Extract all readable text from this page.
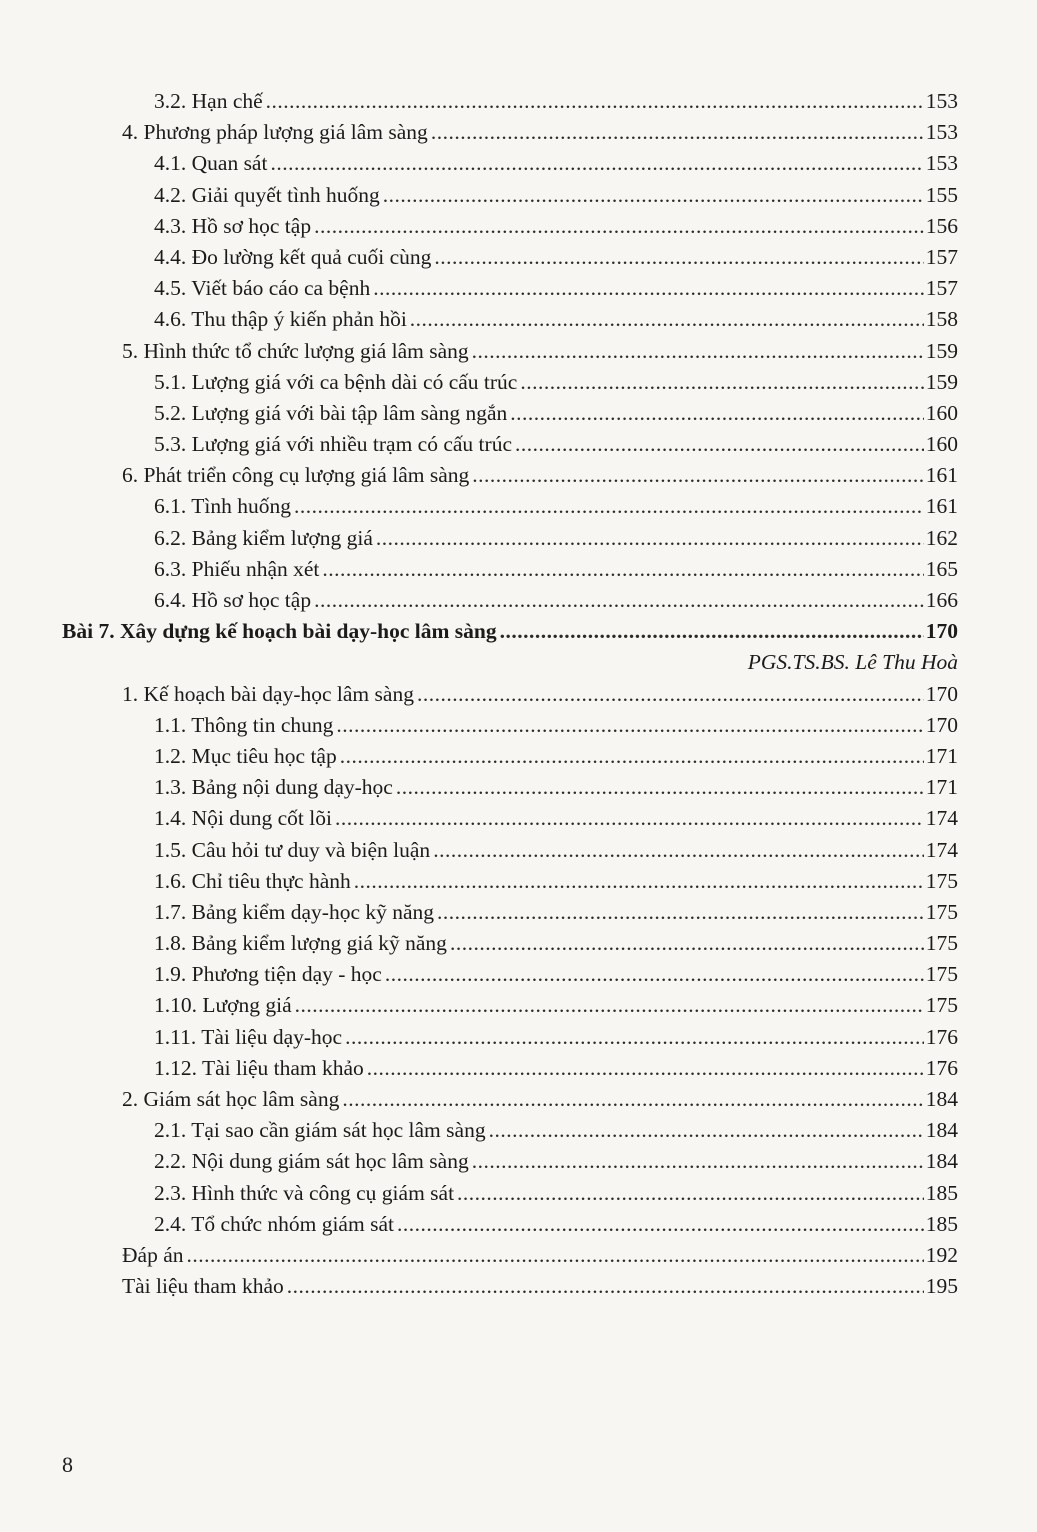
3.2. Hạn chế .....	153
4. Phương pháp lượng giá lâm sàng .....	153
4.1. Quan sát .....	153
4.2. Giải quyết tình huống .....	155
4.3. Hồ sơ học tập .....	156
4.4. Đo lường kết quả cuối cùng .....	157
4.5. Viết báo cáo ca bệnh .....	157
4.6. Thu thập ý kiến phản hồi .....	158
5. Hình thức tổ chức lượng giá lâm sàng .....	159
5.1. Lượng giá với ca bệnh dài có cấu trúc .....	159
5.2. Lượng giá với bài tập lâm sàng ngắn .....	160
5.3. Lượng giá với nhiều trạm có cấu trúc .....	160
6. Phát triển công cụ lượng giá lâm sàng .....	161
6.1. Tình huống .....	161
6.2. Bảng kiểm lượng giá .....	162
6.3. Phiếu nhận xét .....	165
6.4. Hồ sơ học tập .....	166
Bài 7. Xây dựng kế hoạch bài dạy-học lâm sàng .....	170
PGS.TS.BS. Lê Thu Hoà
1. Kế hoạch bài dạy-học lâm sàng .....	170
1.1. Thông tin chung .....	170
1.2. Mục tiêu học tập .....	171
1.3. Bảng nội dung dạy-học .....	171
1.4. Nội dung cốt lõi .....	174
1.5. Câu hỏi tư duy và biện luận .....	174
1.6. Chỉ tiêu thực hành .....	175
1.7. Bảng kiểm dạy-học kỹ năng .....	175
1.8. Bảng kiểm lượng giá kỹ năng .....	175
1.9. Phương tiện dạy - học .....	175
1.10. Lượng giá .....	175
1.11. Tài liệu dạy-học .....	176
1.12. Tài liệu tham khảo .....	176
2. Giám sát học lâm sàng .....	184
2.1. Tại sao cần giám sát học lâm sàng .....	184
2.2. Nội dung giám sát học lâm sàng .....	184
2.3. Hình thức và công cụ giám sát .....	185
2.4. Tổ chức nhóm giám sát .....	185
Đáp án .....	192
Tài liệu tham khảo .....	195
8
